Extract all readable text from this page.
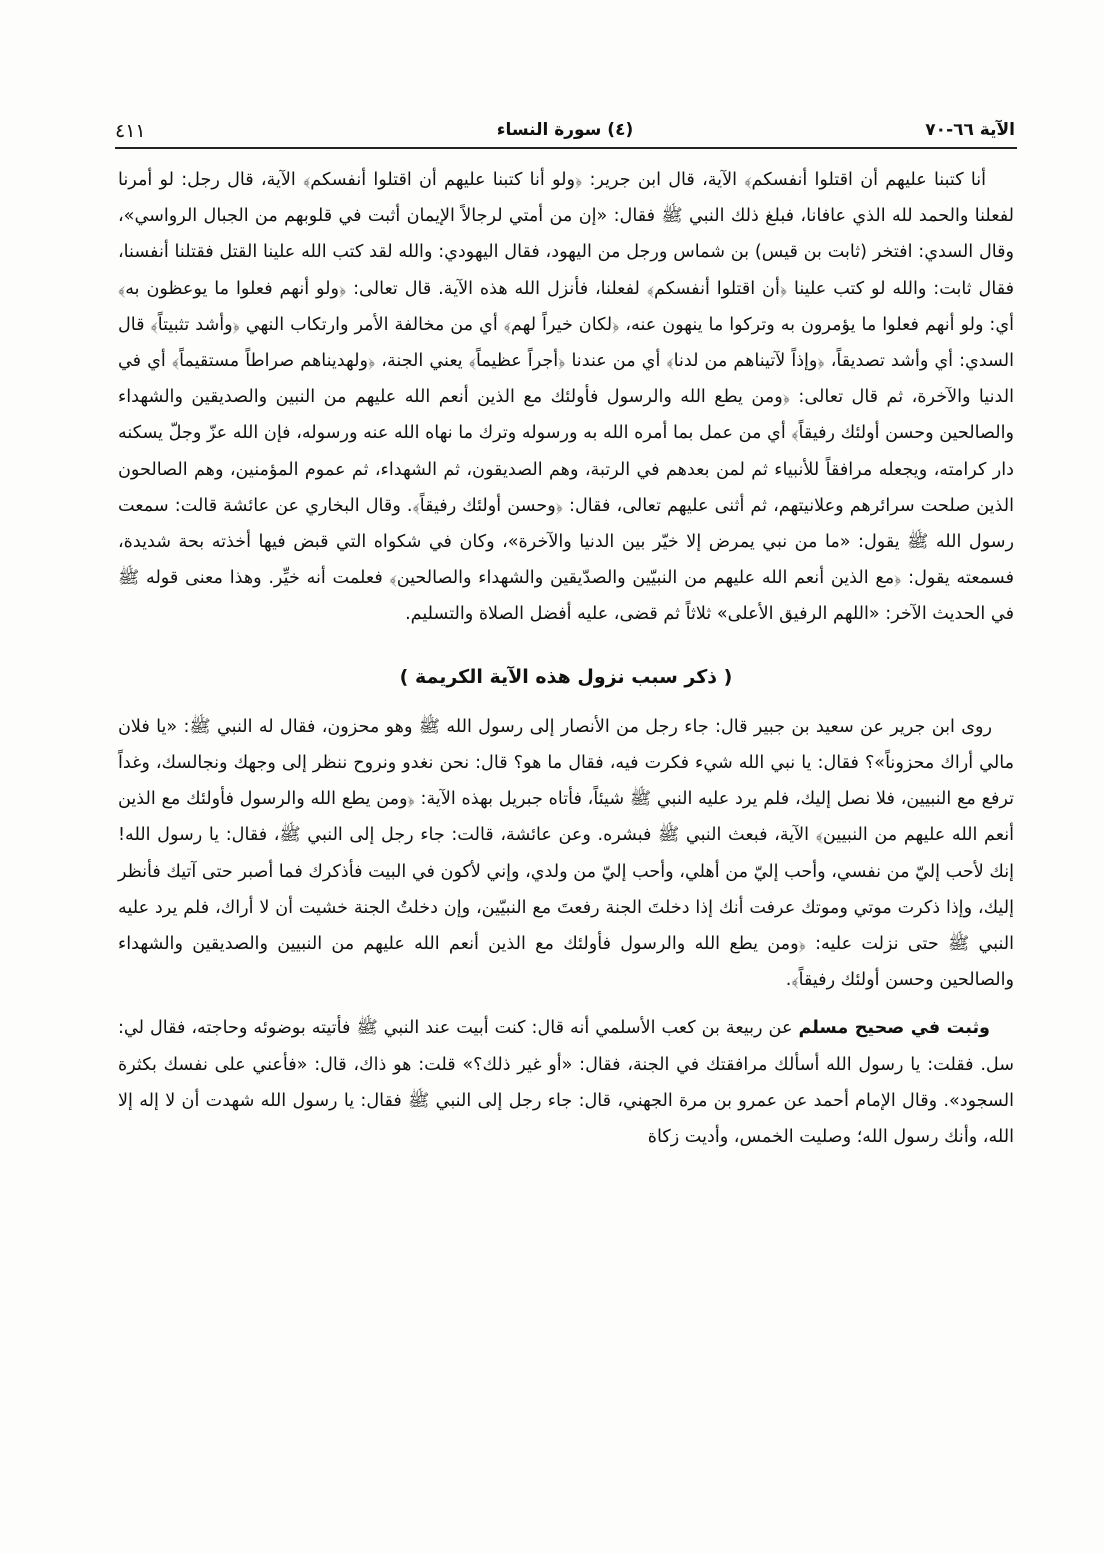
الآية ٦٦-٧٠
(٤) سورة النساء
٤١١

أنا كتبنا عليهم أن اقتلوا أنفسكم﴾ الآية، قال ابن جرير: ﴿ولو أنا كتبنا عليهم أن اقتلوا أنفسكم﴾ الآية، قال رجل: لو أمرنا لفعلنا والحمد لله الذي عافانا، فبلغ ذلك النبي ﷺ فقال: «إن من أمتي لرجالاً الإيمان أثبت في قلوبهم من الجبال الرواسي»، وقال السدي: افتخر (ثابت بن قيس) بن شماس ورجل من اليهود، فقال اليهودي: والله لقد كتب الله علينا القتل فقتلنا أنفسنا، فقال ثابت: والله لو كتب علينا ﴿أن اقتلوا أنفسكم﴾ لفعلنا، فأنزل الله هذه الآية. قال تعالى: ﴿ولو أنهم فعلوا ما يوعظون به﴾ أي: ولو أنهم فعلوا ما يؤمرون به وتركوا ما ينهون عنه، ﴿لكان خيراً لهم﴾ أي من مخالفة الأمر وارتكاب النهي ﴿وأشد تثبيتاً﴾ قال السدي: أي وأشد تصديقاً، ﴿وإذاً لآتيناهم من لدنا﴾ أي من عندنا ﴿أجراً عظيماً﴾ يعني الجنة، ﴿ولهديناهم صراطاً مستقيماً﴾ أي في الدنيا والآخرة، ثم قال تعالى: ﴿ومن يطع الله والرسول فأولئك مع الذين أنعم الله عليهم من النبين والصديقين والشهداء والصالحين وحسن أولئك رفيقاً﴾ أي من عمل بما أمره الله به ورسوله وترك ما نهاه الله عنه ورسوله، فإن الله عزّ وجلّ يسكنه دار كرامته، ويجعله مرافقاً للأنبياء ثم لمن بعدهم في الرتبة، وهم الصديقون، ثم الشهداء، ثم عموم المؤمنين، وهم الصالحون الذين صلحت سرائرهم وعلانيتهم، ثم أثنى عليهم تعالى، فقال: ﴿وحسن أولئك رفيقاً﴾. وقال البخاري عن عائشة قالت: سمعت رسول الله ﷺ يقول: «ما من نبي يمرض إلا خيّر بين الدنيا والآخرة»، وكان في شكواه التي قبض فيها أخذته بحة شديدة، فسمعته يقول: ﴿مع الذين أنعم الله عليهم من النبيّين والصدّيقين والشهداء والصالحين﴾ فعلمت أنه خيِّر. وهذا معنى قوله ﷺ في الحديث الآخر: «اللهم الرفيق الأعلى» ثلاثاً ثم قضى، عليه أفضل الصلاة والتسليم.

( ذكر سبب نزول هذه الآية الكريمة )

روى ابن جرير عن سعيد بن جبير قال: جاء رجل من الأنصار إلى رسول الله ﷺ وهو محزون، فقال له النبي ﷺ: «يا فلان مالي أراك محزوناً»؟ فقال: يا نبي الله شيء فكرت فيه، فقال ما هو؟ قال: نحن نغدو ونروح ننظر إلى وجهك ونجالسك، وغداً ترفع مع النبيين، فلا نصل إليك، فلم يرد عليه النبي ﷺ شيئاً، فأتاه جبريل بهذه الآية: ﴿ومن يطع الله والرسول فأولئك مع الذين أنعم الله عليهم من النبيين﴾ الآية، فبعث النبي ﷺ فبشره. وعن عائشة، قالت: جاء رجل إلى النبي ﷺ، فقال: يا رسول الله! إنك لأحب إليّ من نفسي، وأحب إليّ من أهلي، وأحب إليّ من ولدي، وإني لأكون في البيت فأذكرك فما أصبر حتى آتيك فأنظر إليك، وإذا ذكرت موتي وموتك عرفت أنك إذا دخلتَ الجنة رفعتَ مع النبيّين، وإن دخلتُ الجنة خشيت أن لا أراك، فلم يرد عليه النبي ﷺ حتى نزلت عليه: ﴿ومن يطع الله والرسول فأولئك مع الذين أنعم الله عليهم من النبيين والصديقين والشهداء والصالحين وحسن أولئك رفيقاً﴾.

وثبت في صحيح مسلم عن ربيعة بن كعب الأسلمي أنه قال: كنت أبيت عند النبي ﷺ فأتيته بوضوئه وحاجته، فقال لي: سل. فقلت: يا رسول الله أسألك مرافقتك في الجنة، فقال: «أو غير ذلك؟» قلت: هو ذاك، قال: «فأعني على نفسك بكثرة السجود». وقال الإمام أحمد عن عمرو بن مرة الجهني، قال: جاء رجل إلى النبي ﷺ فقال: يا رسول الله شهدت أن لا إله إلا الله، وأنك رسول الله؛ وصليت الخمس، وأديت زكاة
